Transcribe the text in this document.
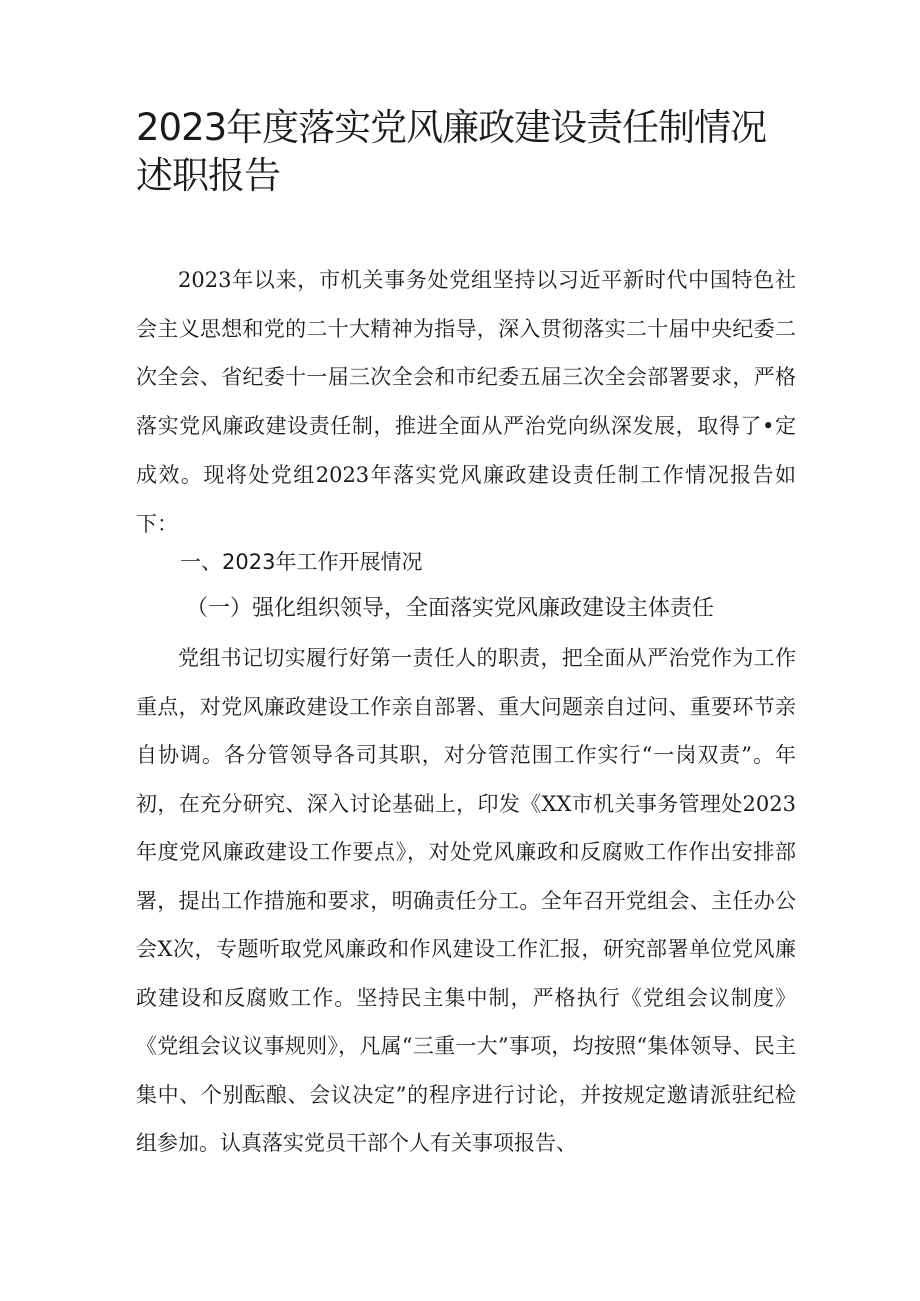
2023年度落实党风廉政建设责任制情况述职报告

2023年以来，市机关事务处党组坚持以习近平新时代中国特色社会主义思想和党的二十大精神为指导，深入贯彻落实二十届中央纪委二次全会、省纪委十一届三次全会和市纪委五届三次全会部署要求，严格落实党风廉政建设责任制，推进全面从严治党向纵深发展，取得了•定成效。现将处党组2023年落实党风廉政建设责任制工作情况报告如下：

一、2023年工作开展情况
（一）强化组织领导，全面落实党风廉政建设主体责任

党组书记切实履行好第一责任人的职责，把全面从严治党作为工作重点，对党风廉政建设工作亲自部署、重大问题亲自过问、重要环节亲自协调。各分管领导各司其职，对分管范围工作实行“一岗双责”。年初，在充分研究、深入讨论基础上，印发《XX市机关事务管理处2023年度党风廉政建设工作要点》，对处党风廉政和反腐败工作作出安排部署，提出工作措施和要求，明确责任分工。全年召开党组会、主任办公会X次，专题听取党风廉政和作风建设工作汇报，研究部署单位党风廉政建设和反腐败工作。坚持民主集中制，严格执行《党组会议制度》《党组会议议事规则》，凡属“三重一大”事项，均按照“集体领导、民主集中、个别酝酿、会议决定”的程序进行讨论，并按规定邀请派驻纪检组参加。认真落实党员干部个人有关事项报告、
